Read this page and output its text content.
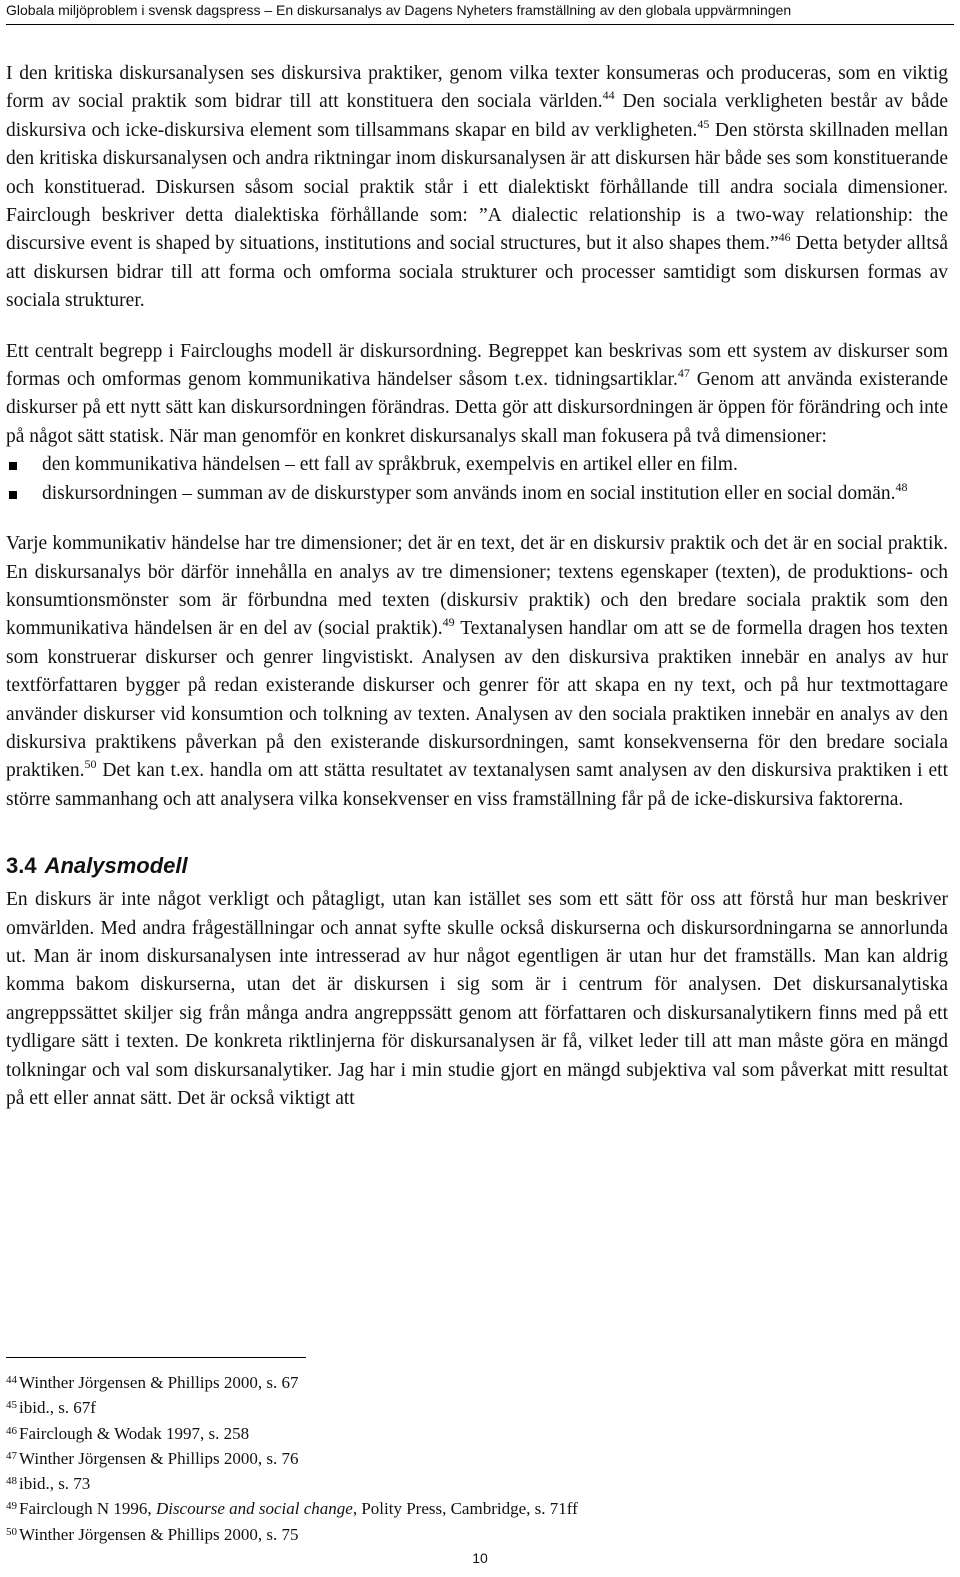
Globala miljöproblem i svensk dagspress – En diskursanalys av Dagens Nyheters framställning av den globala uppvärmningen

I den kritiska diskursanalysen ses diskursiva praktiker, genom vilka texter konsumeras och produceras, som en viktig form av social praktik som bidrar till att konstituera den sociala världen.$^{44}$ Den sociala verkligheten består av både diskursiva och icke-diskursiva element som tillsammans skapar en bild av verkligheten.$^{45}$ Den största skillnaden mellan den kritiska diskursanalysen och andra riktningar inom diskursanalysen är att diskursen här både ses som konstituerande och konstituerad. Diskursen såsom social praktik står i ett dialektiskt förhållande till andra sociala dimensioner. Fairclough beskriver detta dialektiska förhållande som: ”A dialectic relationship is a two-way relationship: the discursive event is shaped by situations, institutions and social structures, but it also shapes them.”$^{46}$ Detta betyder alltså att diskursen bidrar till att forma och omforma sociala strukturer och processer samtidigt som diskursen formas av sociala strukturer.

Ett centralt begrepp i Faircloughs modell är diskursordning. Begreppet kan beskrivas som ett system av diskurser som formas och omformas genom kommunikativa händelser såsom t.ex. tidningsartiklar.$^{47}$ Genom att använda existerande diskurser på ett nytt sätt kan diskursordningen förändras. Detta gör att diskursordningen är öppen för förändring och inte på något sätt statisk. När man genomför en konkret diskursanalys skall man fokusera på två dimensioner:

den kommunikativa händelsen – ett fall av språkbruk, exempelvis en artikel eller en film.
diskursordningen – summan av de diskurstyper som används inom en social institution eller en social domän.$^{48}$

Varje kommunikativ händelse har tre dimensioner; det är en text, det är en diskursiv praktik och det är en social praktik. En diskursanalys bör därför innehålla en analys av tre dimensioner; textens egenskaper (texten), de produktions- och konsumtionsmönster som är förbundna med texten (diskursiv praktik) och den bredare sociala praktik som den kommunikativa händelsen är en del av (social praktik).$^{49}$ Textanalysen handlar om att se de formella dragen hos texten som konstruerar diskurser och genrer lingvistiskt. Analysen av den diskursiva praktiken innebär en analys av hur textförfattaren bygger på redan existerande diskurser och genrer för att skapa en ny text, och på hur textmottagare använder diskurser vid konsumtion och tolkning av texten. Analysen av den sociala praktiken innebär en analys av den diskursiva praktikens påverkan på den existerande diskursordningen, samt konsekvenserna för den bredare sociala praktiken.$^{50}$ Det kan t.ex. handla om att stätta resultatet av textanalysen samt analysen av den diskursiva praktiken i ett större sammanhang och att analysera vilka konsekvenser en viss framställning får på de icke-diskursiva faktorerna.

3.4 Analysmodell

En diskurs är inte något verkligt och påtagligt, utan kan istället ses som ett sätt för oss att förstå hur man beskriver omvärlden. Med andra frågeställningar och annat syfte skulle också diskurserna och diskursordningarna se annorlunda ut. Man är inom diskursanalysen inte intresserad av hur något egentligen är utan hur det framställs. Man kan aldrig komma bakom diskurserna, utan det är diskursen i sig som är i centrum för analysen. Det diskursanalytiska angreppssättet skiljer sig från många andra angreppssätt genom att författaren och diskursanalytikern finns med på ett tydligare sätt i texten. De konkreta riktlinjerna för diskursanalysen är få, vilket leder till att man måste göra en mängd tolkningar och val som diskursanalytiker. Jag har i min studie gjort en mängd subjektiva val som påverkat mitt resultat på ett eller annat sätt. Det är också viktigt att

$^{44}$ Winther Jörgensen & Phillips 2000, s. 67
$^{45}$ ibid., s. 67f
$^{46}$ Fairclough & Wodak 1997, s. 258
$^{47}$ Winther Jörgensen & Phillips 2000, s. 76
$^{48}$ ibid., s. 73
$^{49}$ Fairclough N 1996, Discourse and social change, Polity Press, Cambridge, s. 71ff
$^{50}$ Winther Jörgensen & Phillips 2000, s. 75
10
